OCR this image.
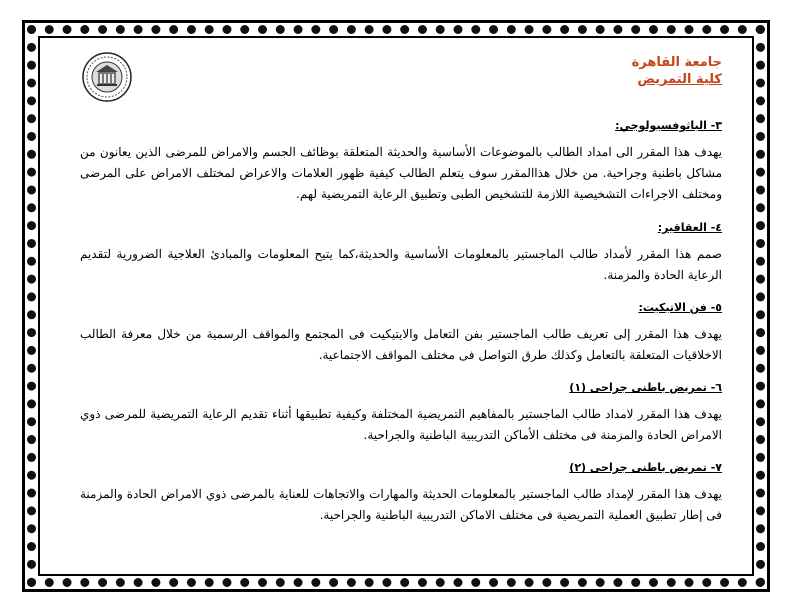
جامعة القاهرة
كلية التمريض
٣- الباثوفسيولوجي:
يهدف هذا المقرر الى امداد الطالب بالموضوعات الأساسية والحديثة المتعلقة بوظائف الجسم والامراض للمرضى الذين يعانون من مشاكل باطنية وجراحية. من خلال هذاالمقرر سوف يتعلم الطالب كيفية ظهور العلامات والاعراض لمختلف الامراض على المرضى ومختلف الاجراءات التشخيصية اللازمة للتشخيص الطبى وتطبيق الرعاية التمريضية لهم.
٤- العقاقير:
صمم هذا المقرر لأمداد طالب الماجستير بالمعلومات الأساسية والحديثة،كما يتيح المعلومات والمبادئ العلاجية الضرورية لتقديم الرعاية الحادة والمزمنة.
٥- فن الاتيكيت:
يهدف هذا المقرر إلى تعريف طالب الماجستير بفن التعامل والايتيكيت فى المجتمع والمواقف الرسمية من خلال معرفة الطالب الاخلاقيات المتعلقة بالتعامل وكذلك طرق التواصل فى مختلف المواقف الاجتماعية.
٦- تمريض باطنى جراحى (١)
يهدف هذا المقرر لامداد طالب الماجستير بالمفاهيم التمريضية المختلفة وكيفية تطبيقها أثناء تقديم الرعاية التمريضية للمرضى ذوي الامراض الحادة والمزمنة فى مختلف الأماكن التدريبية الباطنية والجراحية.
٧- تمريض باطنى جراحى (٢)
يهدف هذا المقرر لإمداد طالب الماجستير بالمعلومات الحديثة والمهارات والاتجاهات للعناية بالمرضى ذوي الامراض الحادة والمزمنة فى إطار تطبيق العملية التمريضية فى مختلف الاماكن التدريبية الباطنية والجراحية.
